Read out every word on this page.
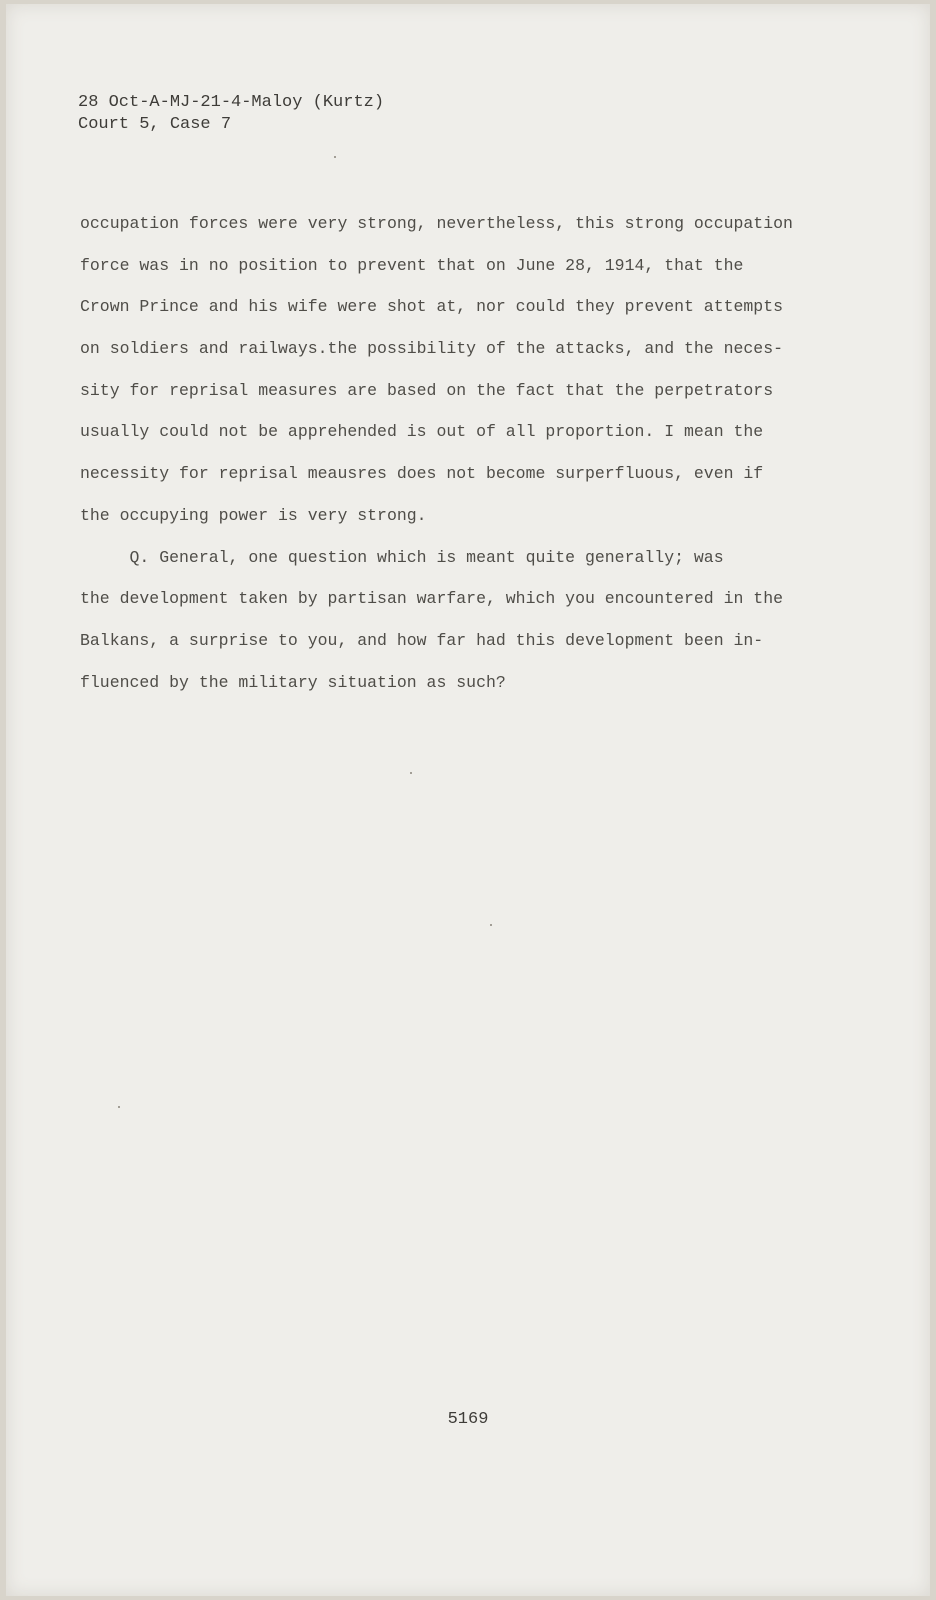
28 Oct-A-MJ-21-4-Maloy (Kurtz)
Court 5, Case 7
occupation forces were very strong, nevertheless, this strong occupation
force was in no position to prevent that on June 28, 1914, that the
Crown Prince and his wife were shot at, nor could they prevent attempts
on soldiers and railways.the possibility of the attacks, and the neces-
sity for reprisal measures are based on the fact that the perpetrators
usually could not be apprehended is out of all proportion. I mean the
necessity for reprisal meausres does not become surperfluous, even if
the occupying power is very strong.
Q. General, one question which is meant quite generally; was
the development taken by partisan warfare, which you encountered in the
Balkans, a surprise to you, and how far had this development been in-
fluenced by the military situation as such?
5169
